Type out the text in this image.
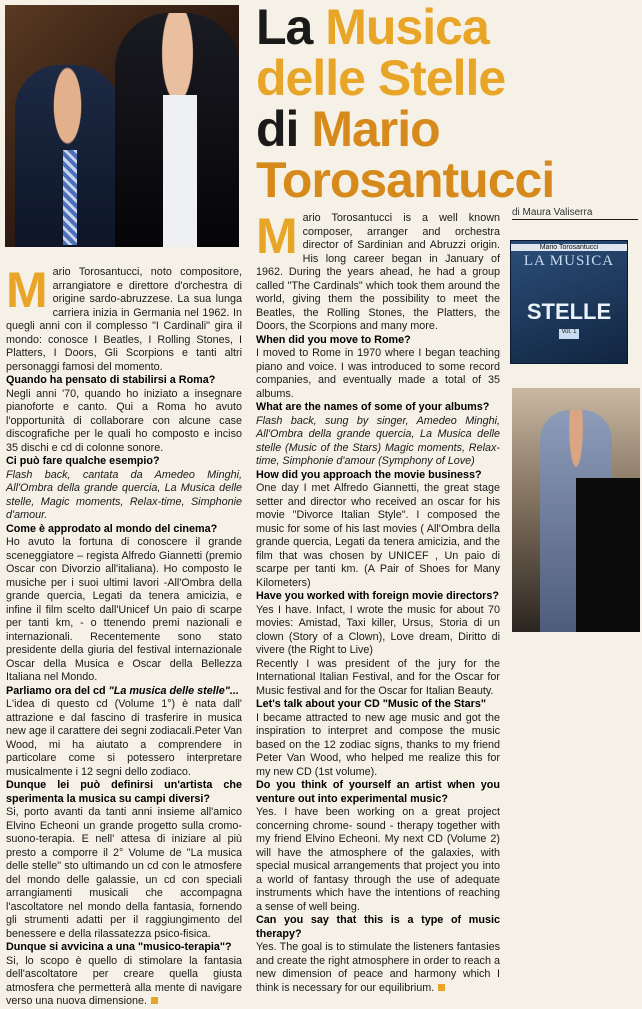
La Musica
delle Stelle
di Mario
Torosantucci
di Maura Valiserra
Mario Torosantucci
LA MUSICA
STELLE
Vol. 1

Mario Torosantucci, noto compositore, arrangiatore e direttore d'orchestra di origine sardo-abruzzese. La sua lunga carriera inizia in Germania nel 1962. In quegli anni con il complesso "I Cardinali" gira il mondo: conosce I Beatles, I Rolling Stones, I Platters, I Doors, Gli Scorpions e tanti altri personaggi famosi del momento.

Quando ha pensato di stabilirsi a Roma?

Negli anni '70, quando ho iniziato a insegnare pianoforte e canto. Qui a Roma ho avuto l'opportunità di collaborare con alcune case discografiche per le quali ho composto e inciso 35 dischi e cd di colonne sonore.

Ci può fare qualche esempio?

Flash back, cantata da Amedeo Minghi, All'Ombra della grande quercia, La Musica delle stelle, Magic moments, Relax-time, Simphonie d'amour.

Come è approdato al mondo del cinema?

Ho avuto la fortuna di conoscere il grande sceneggiatore – regista Alfredo Giannetti (premio Oscar con Divorzio all'italiana). Ho composto le musiche per i suoi ultimi lavori -All'Ombra della grande quercia, Legati da tenera amicizia, e infine il film scelto dall'Unicef Un paio di scarpe per tanti km, - o ttenendo premi nazionali e internazionali. Recentemente sono stato presidente della giuria del festival internazionale Oscar della Musica e Oscar della Bellezza Italiana nel Mondo.

Parliamo ora del cd "La musica delle stelle"...

L'idea di questo cd (Volume 1°) è nata dall' attrazione e dal fascino di trasferire in musica new age il carattere dei segni zodiacali.Peter Van Wood, mi ha aiutato a comprendere in particolare come si potessero interpretare musicalmente i 12 segni dello zodiaco.

Dunque lei può definirsi un'artista che sperimenta la musica su campi diversi?

Si, porto avanti da tanti anni insieme all'amico Elvino Echeoni un grande progetto sulla cromo-suono-terapia. E nell' attesa di iniziare al più presto a comporre il 2° Volume de "La musica delle stelle" sto ultimando un cd con le atmosfere del mondo delle galassie, un cd con speciali arrangiamenti musicali che accompagna l'ascoltatore nel mondo della fantasia, fornendo gli strumenti adatti per il raggiungimento del benessere e della rilassatezza psico-fisica.

Dunque si avvicina a una "musico-terapia"?

Si, lo scopo è quello di stimolare la fantasia dell'ascoltatore per creare quella giusta atmosfera che permetterà alla mente di navigare verso una nuova dimensione.

Mario Torosantucci is a well known composer, arranger and orchestra director of Sardinian and Abruzzi origin. His long career began in January of 1962. During the years ahead, he had a group called "The Cardinals" which took them around the world, giving them the possibility to meet the Beatles, the Rolling Stones, the Platters, the Doors, the Scorpions and many more.

When did you move to Rome?

I moved to Rome in 1970 where I began teaching piano and voice. I was introduced to some record companies, and eventually made a total of 35 albums.

What are the names of some of your albums?

Flash back, sung by singer, Amedeo Minghi, All'Ombra della grande quercia, La Musica delle stelle (Music of the Stars) Magic moments, Relax-time, Simphonie d'amour (Symphony of Love)

How did you approach the movie business?

One day I met Alfredo Giannetti, the great stage setter and director who received an oscar for his movie "Divorce Italian Style". I composed the music for some of his last movies ( All'Ombra della grande quercia, Legati da tenera amicizia, and the film that was chosen by UNICEF , Un paio di scarpe per tanti km. (A Pair of Shoes for Many Kilometers)

Have you worked with foreign movie directors?

Yes I have. Infact, I wrote the music for about 70 movies: Amistad, Taxi killer, Ursus, Storia di un clown (Story of a Clown), Love dream, Diritto di vivere (the Right to Live)

Recently I was president of the jury for the International Italian Festival, and for the Oscar for Music festival and for the Oscar for Italian Beauty.

Let's talk about your CD "Music of the Stars"

I became attracted to new age music and got the inspiration to interpret and compose the music based on the 12 zodiac signs, thanks to my friend Peter Van Wood, who helped me realize this for my new CD (1st volume).

Do you think of yourself an artist when you venture out into experimental music?

Yes. I have been working on a great project concerning chrome- sound - therapy together with my friend Elvino Echeoni. My next CD (Volume 2) will have the atmosphere of the galaxies, with special musical arrangements that project you into a world of fantasy through the use of adequate instruments which have the intentions of reaching a sense of well being.

Can you say that this is a type of music therapy?

Yes. The goal is to stimulate the listeners fantasies and create the right atmosphere in order to reach a new dimension of peace and harmony which I think is necessary for our equilibrium.
